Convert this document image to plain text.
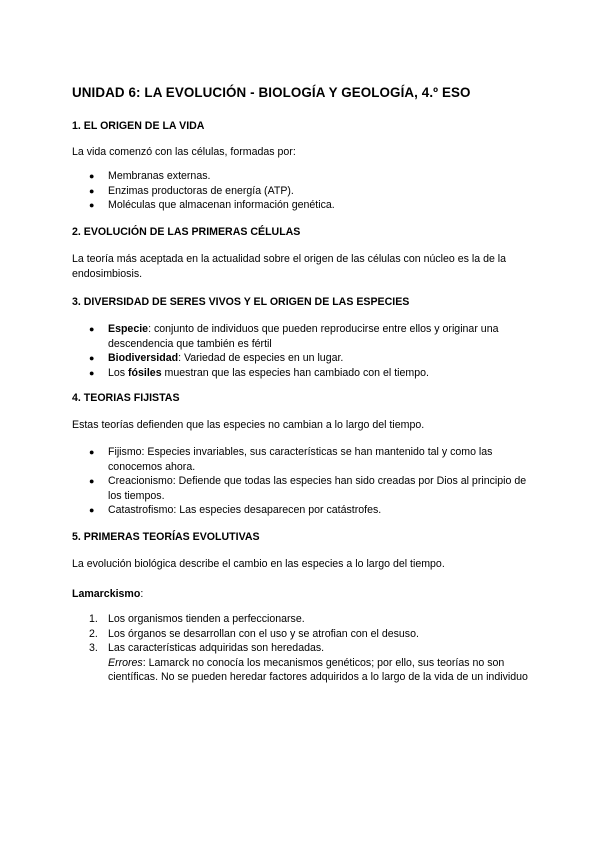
UNIDAD 6: LA EVOLUCIÓN - BIOLOGÍA Y GEOLOGÍA, 4.º ESO
1. EL ORIGEN DE LA VIDA

La vida comenzó con las células, formadas por:

● Membranas externas.
● Enzimas productoras de energía (ATP).
● Moléculas que almacenan información genética.
2. EVOLUCIÓN DE LAS PRIMERAS CÉLULAS

La teoría más aceptada en la actualidad sobre el origen de las células con núcleo es la de la endosimbiosis.

3. DIVERSIDAD DE SERES VIVOS Y EL ORIGEN DE LAS ESPECIES
● Especie: conjunto de individuos que pueden reproducirse entre ellos y originar una descendencia que también es fértil
● Biodiversidad: Variedad de especies en un lugar.
● Los fósiles muestran que las especies han cambiado con el tiempo.
4. TEORIAS FIJISTAS

Estas teorías defienden que las especies no cambian a lo largo del tiempo.

● Fijismo: Especies invariables, sus características se han mantenido tal y como las conocemos ahora.
● Creacionismo: Defiende que todas las especies han sido creadas por Dios al principio de los tiempos.
● Catastrofismo: Las especies desaparecen por catástrofes.
5. PRIMERAS TEORÍAS EVOLUTIVAS

La evolución biológica describe el cambio en las especies a lo largo del tiempo.

Lamarckismo:

1. Los organismos tienden a perfeccionarse.
2. Los órganos se desarrollan con el uso y se atrofian con el desuso.
3. Las características adquiridas son heredadas.
Errores: Lamarck no conocía los mecanismos genéticos; por ello, sus teorías no son científicas. No se pueden heredar factores adquiridos a lo largo de la vida de un individuo
